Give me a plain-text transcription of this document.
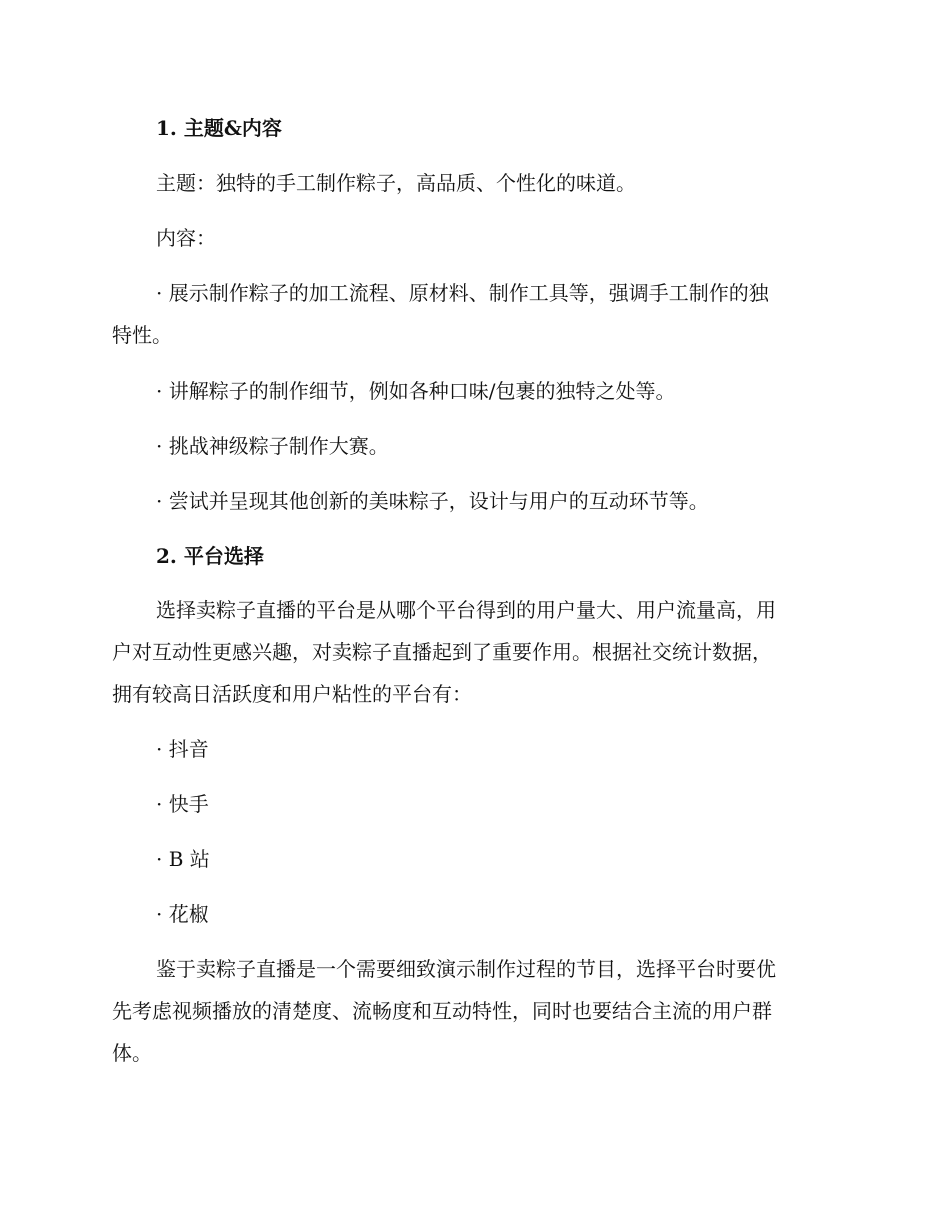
1. 主题&内容

主题：独特的手工制作粽子，高品质、个性化的味道。

内容：

· 展示制作粽子的加工流程、原材料、制作工具等，强调手工制作的独

特性。

· 讲解粽子的制作细节，例如各种口味/包裹的独特之处等。

· 挑战神级粽子制作大赛。

· 尝试并呈现其他创新的美味粽子，设计与用户的互动环节等。

2. 平台选择

选择卖粽子直播的平台是从哪个平台得到的用户量大、用户流量高，用

户对互动性更感兴趣，对卖粽子直播起到了重要作用。根据社交统计数据，

拥有较高日活跃度和用户粘性的平台有：

· 抖音

· 快手

· B 站

· 花椒

鉴于卖粽子直播是一个需要细致演示制作过程的节目，选择平台时要优

先考虑视频播放的清楚度、流畅度和互动特性，同时也要结合主流的用户群

体。
